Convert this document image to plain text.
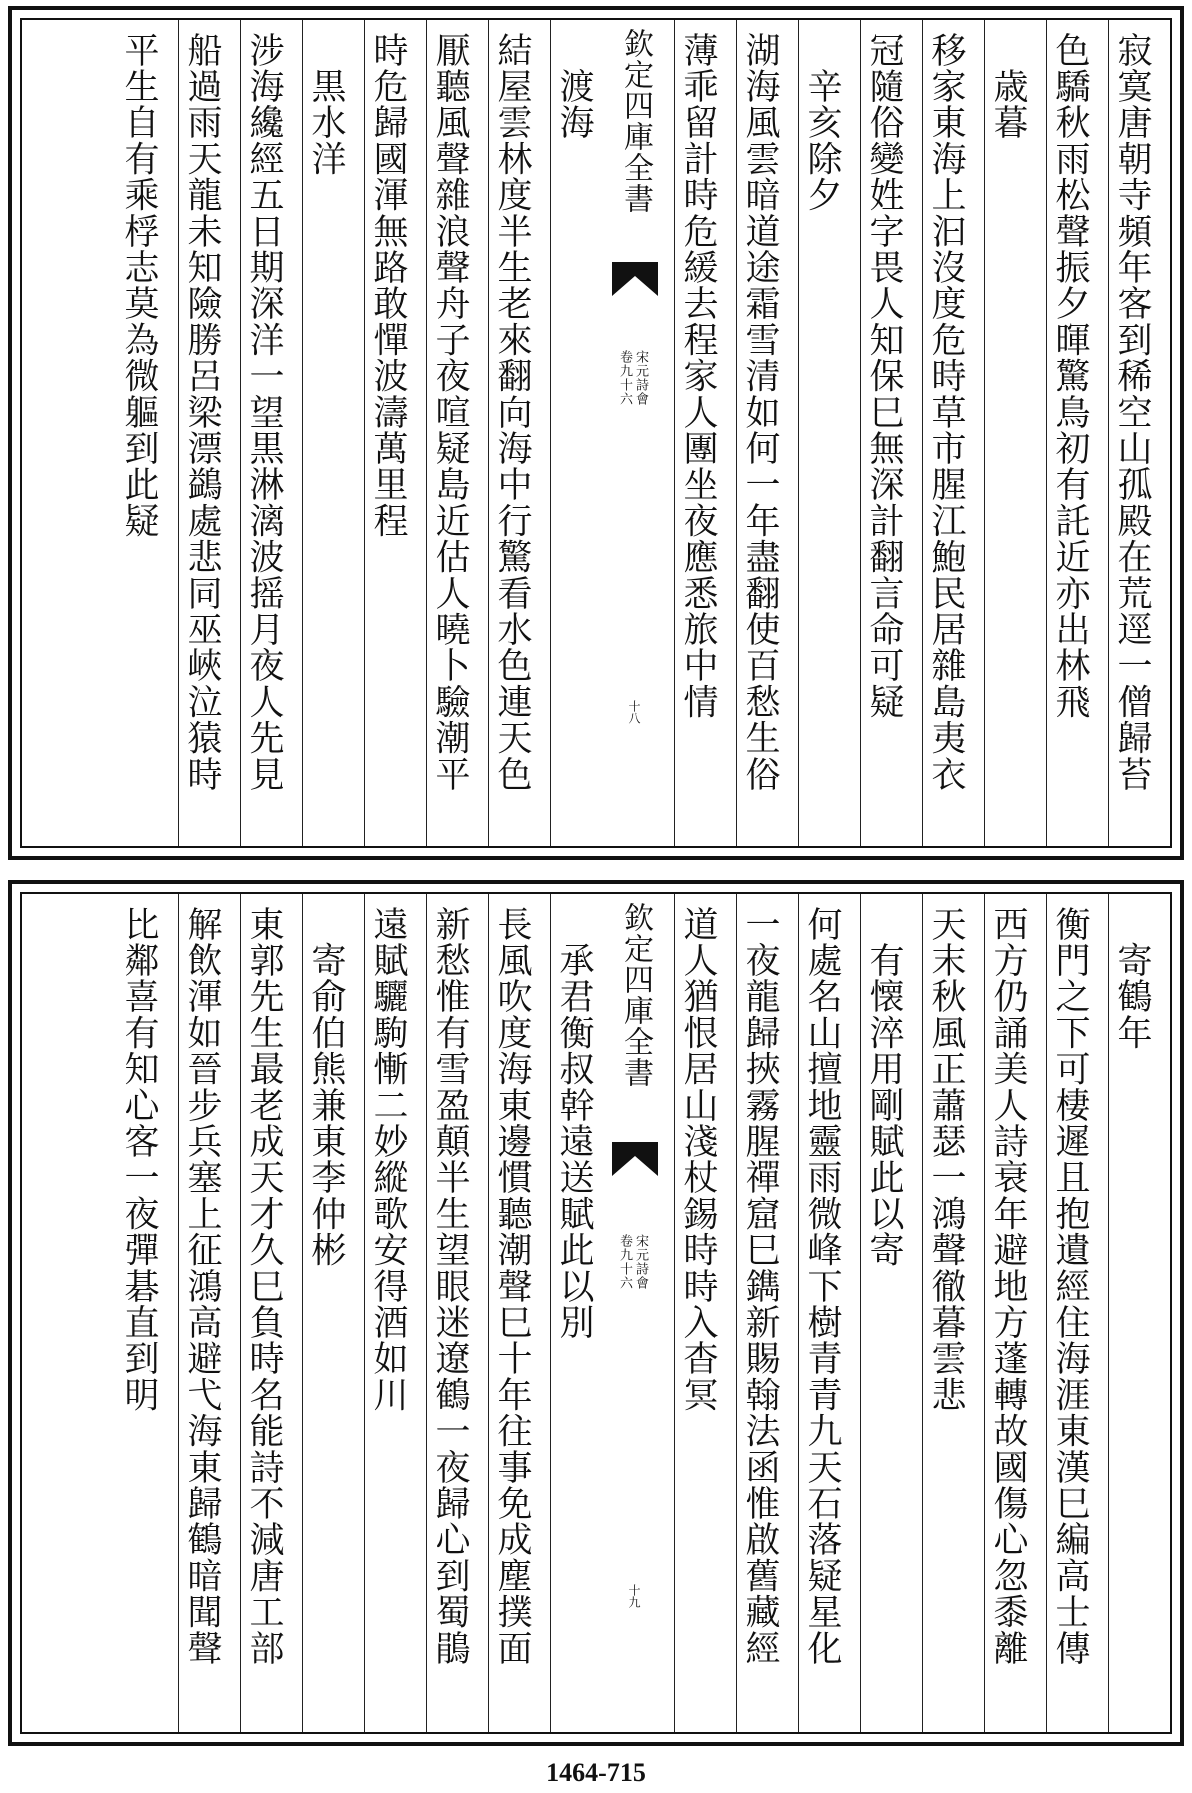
寂寞唐朝寺頻年客到稀空山孤殿在荒逕一僧歸苔
色驕秋雨松聲振夕暉驚鳥初有託近亦出林飛
　歳暮
移家東海上汩沒度危時草市腥江鮑民居雜島夷衣
冠隨俗變姓字畏人知保巳無深計翻言命可疑
　辛亥除夕
湖海風雲暗道途霜雪清如何一年盡翻使百愁生俗
薄乖留計時危緩去程家人團坐夜應悉旅中情
欽定四庫全書
宋元詩會
卷九十六
十八
　渡海
結屋雲林度半生老來翻向海中行驚看水色連天色
厭聽風聲雜浪聲舟子夜喧疑島近估人曉卜驗潮平
時危歸國渾無路敢憚波濤萬里程
　黒水洋
涉海纔經五日期深洋一望黒淋漓波摇月夜人先見
船過雨天龍未知險勝呂梁漂鷁處悲同巫峽泣猿時
平生自有乘桴志莫為微軀到此疑
　寄鶴年
衡門之下可棲遲且抱遺經住海涯東漢巳編高士傳
西方仍誦美人詩衰年避地方蓬轉故國傷心忽黍離
天末秋風正蕭瑟一鴻聲徹暮雲悲
　有懐淬用剛賦此以寄
何處名山擅地靈雨微峰下樹青青九天石落疑星化
一夜龍歸挾霧腥禪窟巳鐫新賜翰法函惟啟舊藏經
道人猶恨居山淺杖錫時時入杳冥
欽定四庫全書
宋元詩會
卷九十六
十九
　承君衡叔幹遠送賦此以別
長風吹度海東邊慣聽潮聲巳十年往事免成塵撲面
新愁惟有雪盈顛半生望眼迷遼鶴一夜歸心到蜀鵑
遠賦驪駒慚二妙縱歌安得酒如川
　寄俞伯熊兼東李仲彬
東郭先生最老成天才久巳負時名能詩不減唐工部
解飲渾如晉步兵塞上征鴻高避弋海東歸鶴暗聞聲
比鄰喜有知心客一夜彈碁直到明
1464-715
